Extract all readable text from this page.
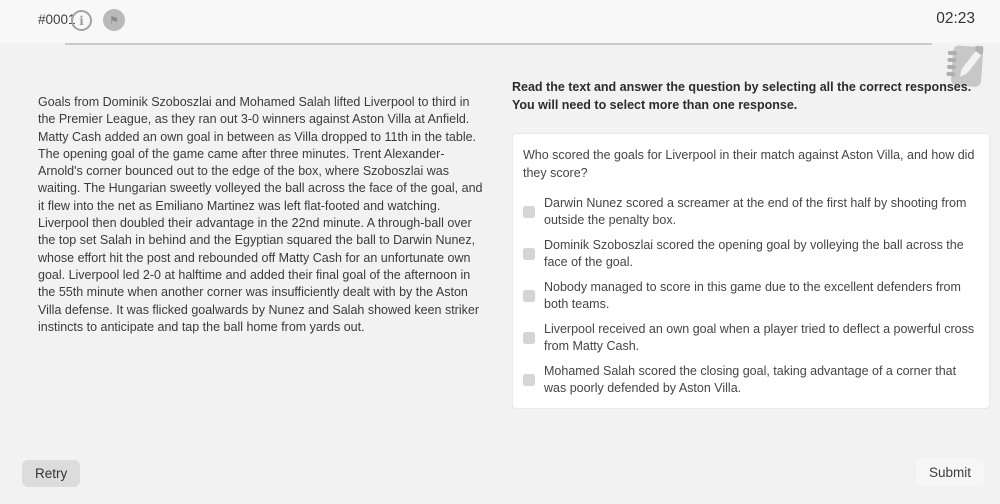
#0001 i ⚑	02:23
Goals from Dominik Szoboszlai and Mohamed Salah lifted Liverpool to third in the Premier League, as they ran out 3-0 winners against Aston Villa at Anfield. Matty Cash added an own goal in between as Villa dropped to 11th in the table. The opening goal of the game came after three minutes. Trent Alexander-Arnold's corner bounced out to the edge of the box, where Szoboszlai was waiting. The Hungarian sweetly volleyed the ball across the face of the goal, and it flew into the net as Emiliano Martinez was left flat-footed and watching. Liverpool then doubled their advantage in the 22nd minute. A through-ball over the top set Salah in behind and the Egyptian squared the ball to Darwin Nunez, whose effort hit the post and rebounded off Matty Cash for an unfortunate own goal. Liverpool led 2-0 at halftime and added their final goal of the afternoon in the 55th minute when another corner was insufficiently dealt with by the Aston Villa defense. It was flicked goalwards by Nunez and Salah showed keen striker instincts to anticipate and tap the ball home from yards out.
Read the text and answer the question by selecting all the correct responses. You will need to select more than one response.
Who scored the goals for Liverpool in their match against Aston Villa, and how did they score?
Darwin Nunez scored a screamer at the end of the first half by shooting from outside the penalty box.
Dominik Szoboszlai scored the opening goal by volleying the ball across the face of the goal.
Nobody managed to score in this game due to the excellent defenders from both teams.
Liverpool received an own goal when a player tried to deflect a powerful cross from Matty Cash.
Mohamed Salah scored the closing goal, taking advantage of a corner that was poorly defended by Aston Villa.
Retry	Submit
